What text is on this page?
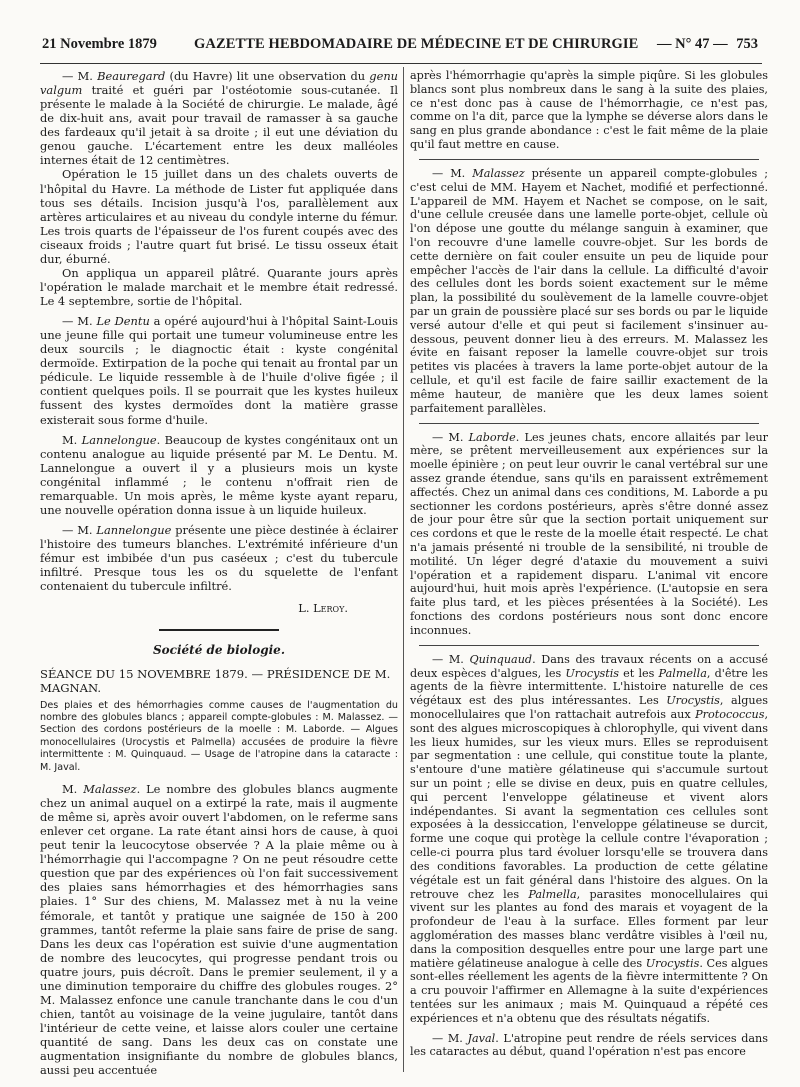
21 Novembre 1879	GAZETTE HEBDOMADAIRE DE MÉDECINE ET DE CHIRURGIE — N° 47 — 753

— M. Beauregard (du Havre) lit une observation du genu valgum traité et guéri par l'ostéotomie sous-cutanée. Il présente le malade à la Société de chirurgie. Le malade, âgé de dix-huit ans, avait pour travail de ramasser à sa gauche des fardeaux qu'il jetait à sa droite ; il eut une déviation du genou gauche. L'écartement entre les deux malléoles internes était de 12 centimètres.

Opération le 15 juillet dans un des chalets ouverts de l'hôpital du Havre. La méthode de Lister fut appliquée dans tous ses détails. Incision jusqu'à l'os, parallèlement aux artères articulaires et au niveau du condyle interne du fémur. Les trois quarts de l'épaisseur de l'os furent coupés avec des ciseaux froids ; l'autre quart fut brisé. Le tissu osseux était dur, éburné.

On appliqua un appareil plâtré. Quarante jours après l'opération le malade marchait et le membre était redressé. Le 4 septembre, sortie de l'hôpital.

— M. Le Dentu a opéré aujourd'hui à l'hôpital Saint-Louis une jeune fille qui portait une tumeur volumineuse entre les deux sourcils ; le diagnoctic était : kyste congénital dermoïde. Extirpation de la poche qui tenait au frontal par un pédicule. Le liquide ressemble à de l'huile d'olive figée ; il contient quelques poils. Il se pourrait que les kystes huileux fussent des kystes dermoïdes dont la matière grasse existerait sous forme d'huile.

M. Lannelongue. Beaucoup de kystes congénitaux ont un contenu analogue au liquide présenté par M. Le Dentu. M. Lannelongue a ouvert il y a plusieurs mois un kyste congénital inflammé ; le contenu n'offrait rien de remarquable. Un mois après, le même kyste ayant reparu, une nouvelle opération donna issue à un liquide huileux.

— M. Lannelongue présente une pièce destinée à éclairer l'histoire des tumeurs blanches. L'extrémité inférieure d'un fémur est imbibée d'un pus caséeux ; c'est du tubercule infiltré. Presque tous les os du squelette de l'enfant contenaient du tubercule infiltré.

L. Leroy.
Société de biologie.
SÉANCE DU 15 NOVEMBRE 1879. — PRÉSIDENCE DE M. MAGNAN.
Des plaies et des hémorrhagies comme causes de l'augmentation du nombre des globules blancs ; appareil compte-globules : M. Malassez. — Section des cordons postérieurs de la moelle : M. Laborde. — Algues monocellulaires (Urocystis et Palmella) accusées de produire la fièvre intermittente : M. Quinquaud. — Usage de l'atropine dans la cataracte : M. Javal.

M. Malassez. Le nombre des globules blancs augmente chez un animal auquel on a extirpé la rate, mais il augmente de même si, après avoir ouvert l'abdomen, on le referme sans enlever cet organe. La rate étant ainsi hors de cause, à quoi peut tenir la leucocytose observée ? A la plaie même ou à l'hémorrhagie qui l'accompagne ? On ne peut résoudre cette question que par des expériences où l'on fait successivement des plaies sans hémorrhagies et des hémorrhagies sans plaies. 1° Sur des chiens, M. Malassez met à nu la veine fémorale, et tantôt y pratique une saignée de 150 à 200 grammes, tantôt referme la plaie sans faire de prise de sang. Dans les deux cas l'opération est suivie d'une augmentation de nombre des leucocytes, qui progresse pendant trois ou quatre jours, puis décroît. Dans le premier seulement, il y a une diminution temporaire du chiffre des globules rouges. 2° M. Malassez enfonce une canule tranchante dans le cou d'un chien, tantôt au voisinage de la veine jugulaire, tantôt dans l'intérieur de cette veine, et laisse alors couler une certaine quantité de sang. Dans les deux cas on constate une augmentation insignifiante du nombre de globules blancs, aussi peu accentuée

après l'hémorrhagie qu'après la simple piqûre. Si les globules blancs sont plus nombreux dans le sang à la suite des plaies, ce n'est donc pas à cause de l'hémorrhagie, ce n'est pas, comme on l'a dit, parce que la lymphe se déverse alors dans le sang en plus grande abondance : c'est le fait même de la plaie qu'il faut mettre en cause.

— M. Malassez présente un appareil compte-globules ; c'est celui de MM. Hayem et Nachet, modifié et perfectionné. L'appareil de MM. Hayem et Nachet se compose, on le sait, d'une cellule creusée dans une lamelle porte-objet, cellule où l'on dépose une goutte du mélange sanguin à examiner, que l'on recouvre d'une lamelle couvre-objet. Sur les bords de cette dernière on fait couler ensuite un peu de liquide pour empêcher l'accès de l'air dans la cellule. La difficulté d'avoir des cellules dont les bords soient exactement sur le même plan, la possibilité du soulèvement de la lamelle couvre-objet par un grain de poussière placé sur ses bords ou par le liquide versé autour d'elle et qui peut si facilement s'insinuer au-dessous, peuvent donner lieu à des erreurs. M. Malassez les évite en faisant reposer la lamelle couvre-objet sur trois petites vis placées à travers la lame porte-objet autour de la cellule, et qu'il est facile de faire saillir exactement de la même hauteur, de manière que les deux lames soient parfaitement parallèles.

— M. Laborde. Les jeunes chats, encore allaités par leur mère, se prêtent merveilleusement aux expériences sur la moelle épinière ; on peut leur ouvrir le canal vertébral sur une assez grande étendue, sans qu'ils en paraissent extrêmement affectés. Chez un animal dans ces conditions, M. Laborde a pu sectionner les cordons postérieurs, après s'être donné assez de jour pour être sûr que la section portait uniquement sur ces cordons et que le reste de la moelle était respecté. Le chat n'a jamais présenté ni trouble de la sensibilité, ni trouble de motilité. Un léger degré d'ataxie du mouvement a suivi l'opération et a rapidement disparu. L'animal vit encore aujourd'hui, huit mois après l'expérience. (L'autopsie en sera faite plus tard, et les pièces présentées à la Société). Les fonctions des cordons postérieurs nous sont donc encore inconnues.

— M. Quinquaud. Dans des travaux récents on a accusé deux espèces d'algues, les Urocystis et les Palmella, d'être les agents de la fièvre intermittente. L'histoire naturelle de ces végétaux est des plus intéressantes. Les Urocystis, algues monocellulaires que l'on rattachait autrefois aux Protococcus, sont des algues microscopiques à chlorophylle, qui vivent dans les lieux humides, sur les vieux murs. Elles se reproduisent par segmentation : une cellule, qui constitue toute la plante, s'entoure d'une matière gélatineuse qui s'accumule surtout sur un point ; elle se divise en deux, puis en quatre cellules, qui percent l'enveloppe gélatineuse et vivent alors indépendantes. Si avant la segmentation ces cellules sont exposées à la dessiccation, l'enveloppe gélatineuse se durcit, forme une coque qui protège la cellule contre l'évaporation ; celle-ci pourra plus tard évoluer lorsqu'elle se trouvera dans des conditions favorables. La production de cette gélatine végétale est un fait général dans l'histoire des algues. On la retrouve chez les Palmella, parasites monocellulaires qui vivent sur les plantes au fond des marais et voyagent de la profondeur de l'eau à la surface. Elles forment par leur agglomération des masses blanc verdâtre visibles à l'œil nu, dans la composition desquelles entre pour une large part une matière gélatineuse analogue à celle des Urocystis. Ces algues sont-elles réellement les agents de la fièvre intermittente ? On a cru pouvoir l'affirmer en Allemagne à la suite d'expériences tentées sur les animaux ; mais M. Quinquaud a répété ces expériences et n'a obtenu que des résultats négatifs.

— M. Javal. L'atropine peut rendre de réels services dans les cataractes au début, quand l'opération n'est pas encore
